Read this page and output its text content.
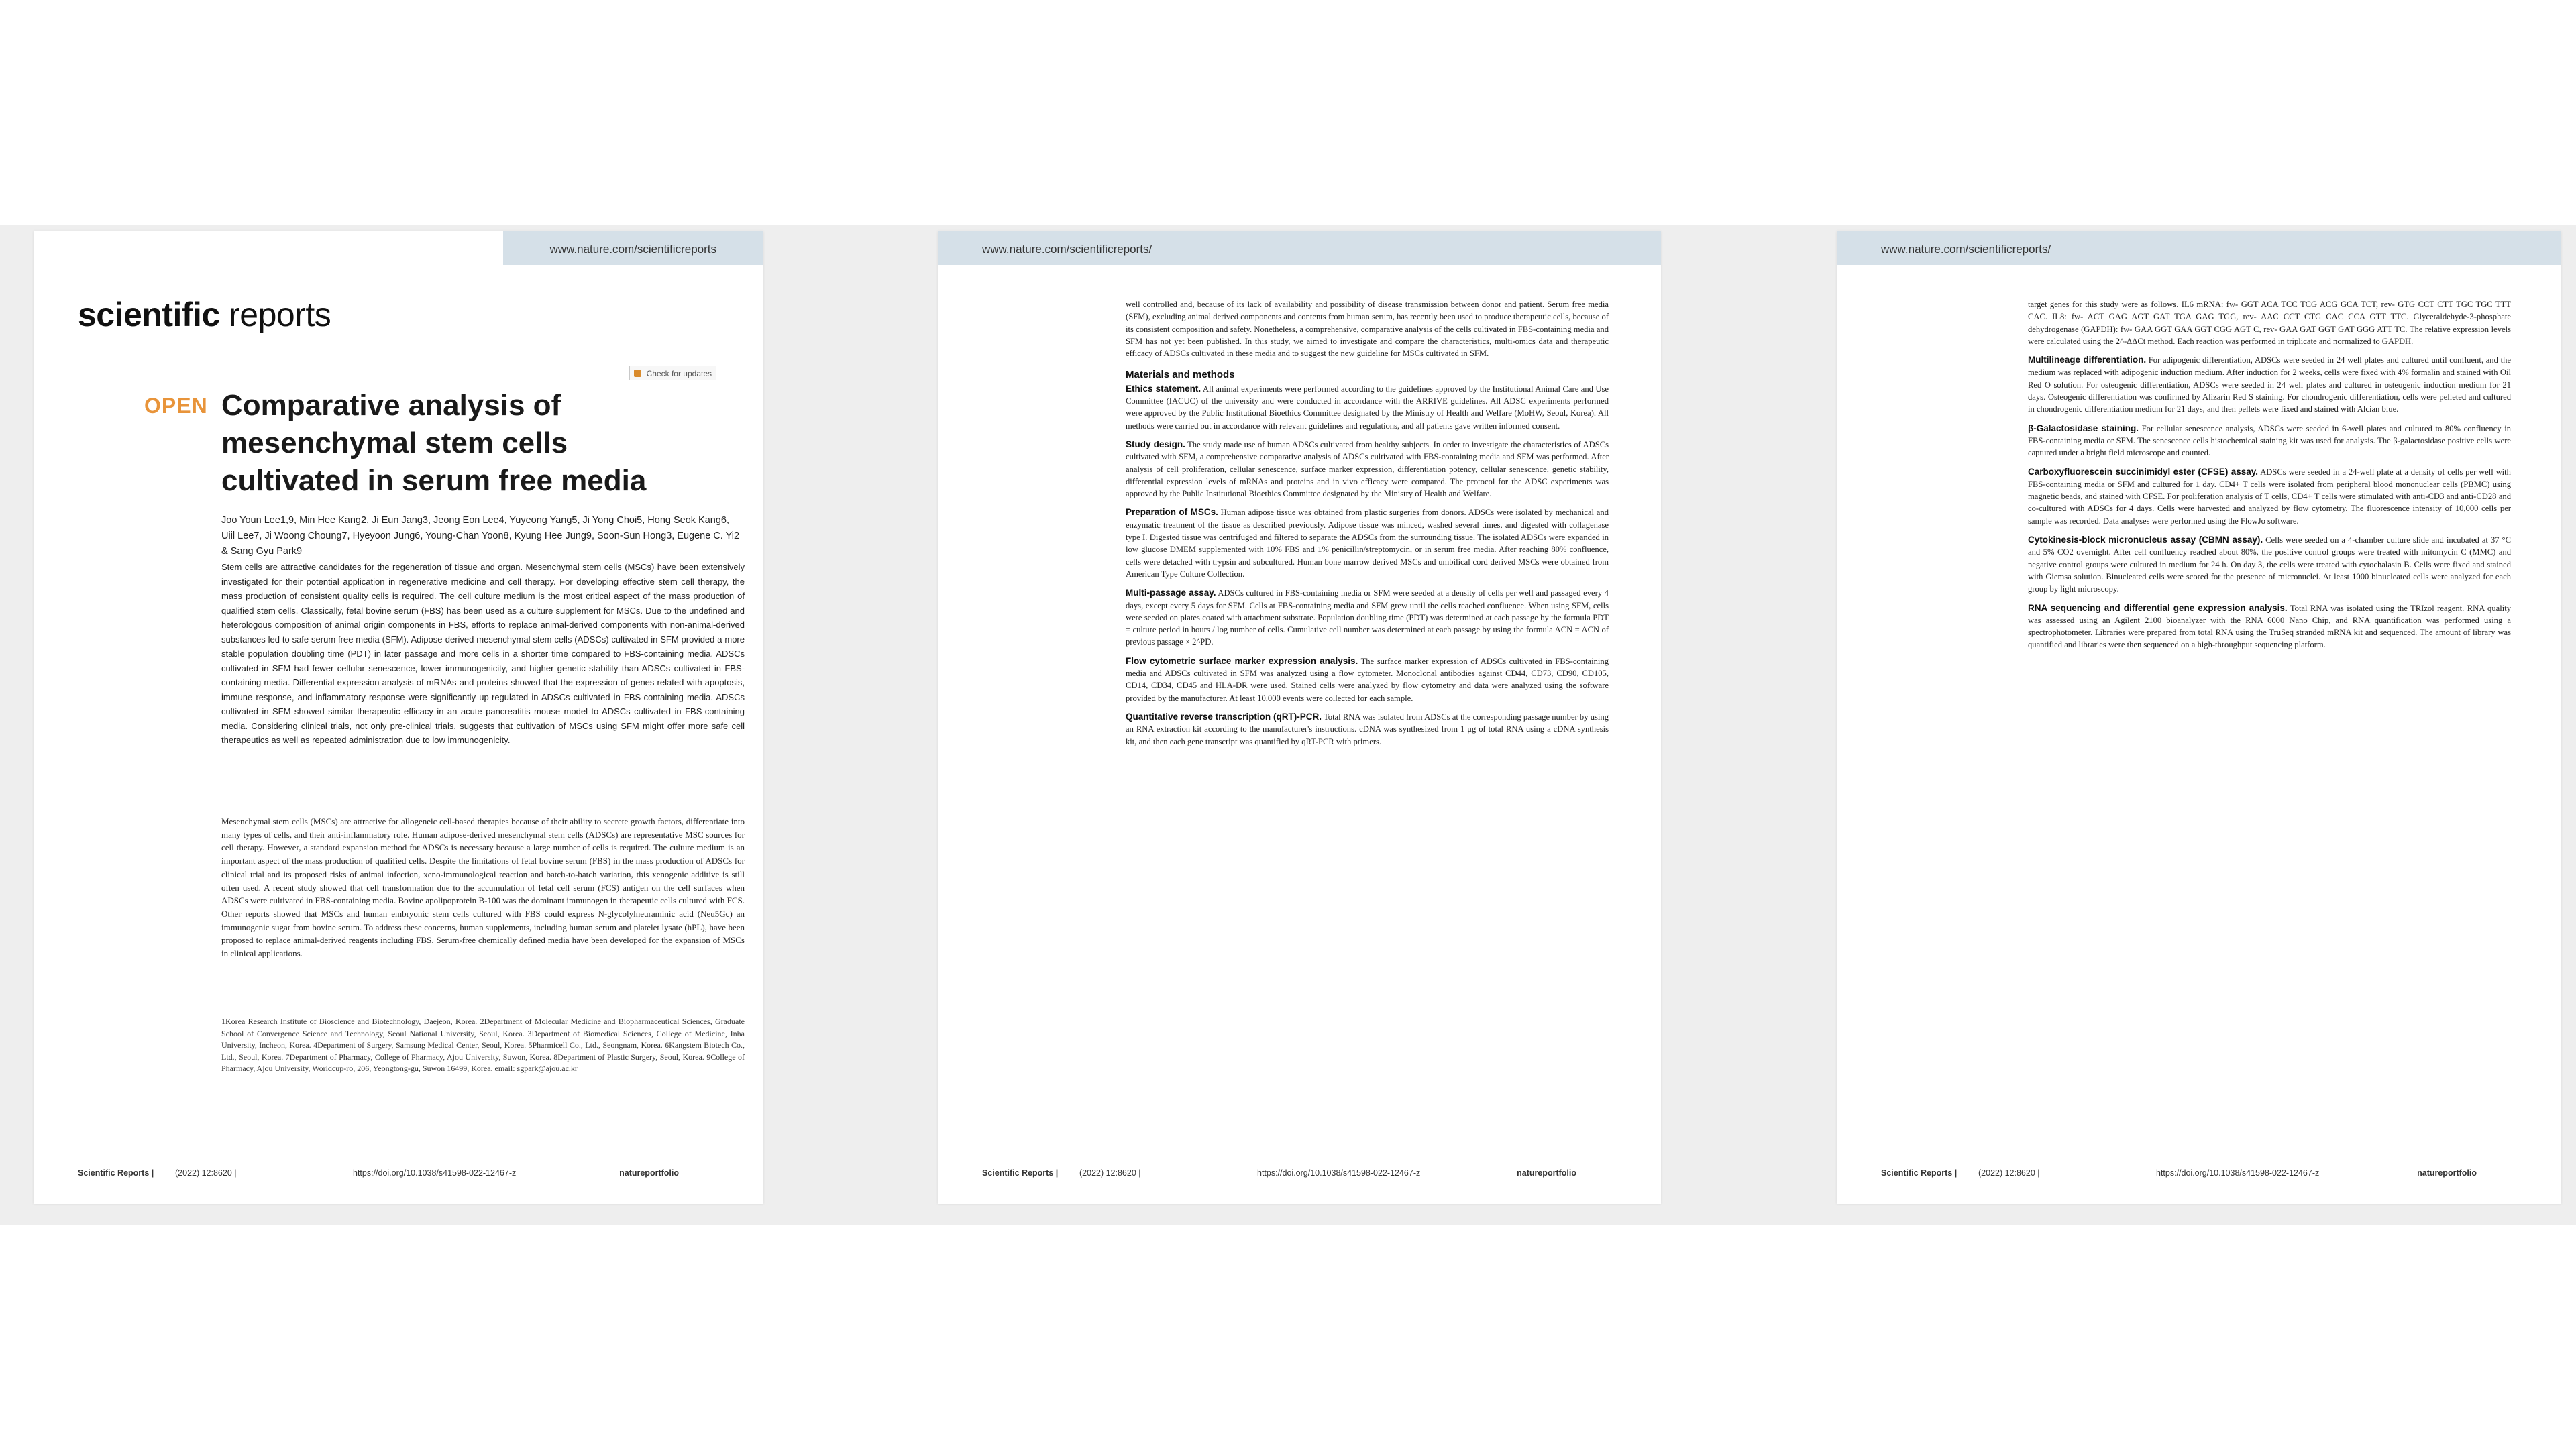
www.nature.com/scientificreports
scientific reports
Check for updates
OPEN Comparative analysis of mesenchymal stem cells cultivated in serum free media

Joo Youn Lee1,9, Min Hee Kang2, Ji Eun Jang3, Jeong Eon Lee4, Yuyeong Yang5, Ji Yong Choi5, Hong Seok Kang6, Uiil Lee7, Ji Woong Choung7, Hyeyoon Jung6, Young-Chan Yoon8, Kyung Hee Jung9, Soon-Sun Hong3, Eugene C. Yi2 & Sang Gyu Park9

Stem cells are attractive candidates for the regeneration of tissue and organ. Mesenchymal stem cells (MSCs) have been extensively investigated for their potential application in regenerative medicine and cell therapy. For developing effective stem cell therapy, the mass production of consistent quality cells is required. The cell culture medium is the most critical aspect of the mass production of qualified stem cells. Classically, fetal bovine serum (FBS) has been used as a culture supplement for MSCs. Due to the undefined and heterologous composition of animal origin components in FBS, efforts to replace animal-derived components with non-animal-derived substances led to safe serum free media (SFM). Adipose-derived mesenchymal stem cells (ADSCs) cultivated in SFM provided a more stable population doubling time (PDT) in later passage and more cells in a shorter time compared to FBS-containing media. ADSCs cultivated in SFM had fewer cellular senescence, lower immunogenicity, and higher genetic stability than ADSCs cultivated in FBS-containing media. Differential expression analysis of mRNAs and proteins showed that the expression of genes related with apoptosis, immune response, and inflammatory response were significantly up-regulated in ADSCs cultivated in FBS-containing media. ADSCs cultivated in SFM showed similar therapeutic efficacy in an acute pancreatitis mouse model to ADSCs cultivated in FBS-containing media. Considering clinical trials, not only pre-clinical trials, suggests that cultivation of MSCs using SFM might offer more safe cell therapeutics as well as repeated administration due to low immunogenicity.

Mesenchymal stem cells (MSCs) are attractive for allogeneic cell-based therapies because of their ability to secrete growth factors, differentiate into many types of cells, and their anti-inflammatory role. Human adipose-derived mesenchymal stem cells (ADSCs) are representative MSC sources for cell therapy. However, a standard expansion method for ADSCs is necessary because a large number of cells is required. The culture medium is an important aspect of the mass production of qualified cells. Despite the limitations of fetal bovine serum (FBS) in the mass production of ADSCs for clinical trial and its proposed risks of animal infection, xeno-immunological reaction and batch-to-batch variation, this xenogenic additive is still often used. A recent study showed that cell transformation due to the accumulation of fetal cell serum (FCS) antigen on the cell surfaces when ADSCs were cultivated in FBS-containing media. Bovine apolipoprotein B-100 was the dominant immunogen in therapeutic cells cultured with FCS. Other reports showed that MSCs and human embryonic stem cells cultured with FBS could express N-glycolylneuraminic acid (Neu5Gc) an immunogenic sugar from bovine serum. To address these concerns, human supplements, including human serum and platelet lysate (hPL), have been proposed to replace animal-derived reagents including FBS. Serum-free chemically defined media have been developed for the expansion of MSCs in clinical applications.

1Korea Research Institute of Bioscience and Biotechnology, Daejeon, Korea. 2Department of Molecular Medicine and Biopharmaceutical Sciences, Graduate School of Convergence Science and Technology, Seoul National University, Seoul, Korea. 3Department of Biomedical Sciences, College of Medicine, Inha University, Incheon, Korea. 4Department of Surgery, Samsung Medical Center, Seoul, Korea. 5Pharmicell Co., Ltd., Seongnam, Korea. 6Kangstem Biotech Co., Ltd., Seoul, Korea. 7Department of Pharmacy, College of Pharmacy, Ajou University, Suwon, Korea. 8Department of Plastic Surgery, Seoul, Korea. 9College of Pharmacy, Ajou University, Worldcup-ro, 206, Yeongtong-gu, Suwon 16499, Korea. email: sgpark@ajou.ac.kr

Scientific Reports |	(2022) 12:8620 |	https://doi.org/10.1038/s41598-022-12467-z	natureportfolio
www.nature.com/scientificreports/

well controlled and, because of its lack of availability and possibility of disease transmission between donor and patient. Serum free media (SFM), excluding animal derived components and contents from human serum, has recently been used to produce therapeutic cells, because of its consistent composition and safety. Nonetheless, a comprehensive, comparative analysis of the cells cultivated in FBS-containing media and SFM has not yet been published. In this study, we aimed to investigate and compare the characteristics, multi-omics data and therapeutic efficacy of ADSCs cultivated in these media and to suggest the new guideline for MSCs cultivated in SFM.

Materials and methods

Ethics statement. All animal experiments were performed according to the guidelines approved by the Institutional Animal Care and Use Committee (IACUC) of the university and were conducted in accordance with the ARRIVE guidelines. All ADSC experiments performed were approved by the Public Institutional Bioethics Committee designated by the Ministry of Health and Welfare (MoHW, Seoul, Korea). All methods were carried out in accordance with relevant guidelines and regulations, and all patients gave written informed consent.

Study design. The study made use of human ADSCs cultivated from healthy subjects. In order to investigate the characteristics of ADSCs cultivated with SFM, a comprehensive comparative analysis of ADSCs cultivated with FBS-containing media and SFM was performed. After analysis of cell proliferation, cellular senescence, surface marker expression, differentiation potency, cellular senescence, genetic stability, differential expression levels of mRNAs and proteins and in vivo efficacy were compared. The protocol for the ADSC experiments was approved by the Public Institutional Bioethics Committee designated by the Ministry of Health and Welfare.

Preparation of MSCs. Human adipose tissue was obtained from plastic surgeries from donors. ADSCs were isolated by mechanical and enzymatic treatment of the tissue as described previously. Adipose tissue was minced, washed several times, and digested with collagenase type I. Digested tissue was centrifuged and filtered to separate the ADSCs from the surrounding tissue. The isolated ADSCs were expanded in low glucose DMEM supplemented with 10% FBS and 1% penicillin/streptomycin, or in serum free media. After reaching 80% confluence, cells were detached with trypsin and subcultured. Human bone marrow derived MSCs and umbilical cord derived MSCs were obtained from American Type Culture Collection.

Multi-passage assay. ADSCs cultured in FBS-containing media or SFM were seeded at a density of cells per well and passaged every 4 days, except every 5 days for SFM. Cells at FBS-containing media and SFM grew until the cells reached confluence. When using SFM, cells were seeded on plates coated with attachment substrate. Population doubling time (PDT) was determined at each passage by the formula PDT = culture period in hours / log number of cells. Cumulative cell number was determined at each passage by using the formula ACN = ACN of previous passage × 2^PD.

Flow cytometric surface marker expression analysis. The surface marker expression of ADSCs cultivated in FBS-containing media and ADSCs cultivated in SFM was analyzed using a flow cytometer. Monoclonal antibodies against CD44, CD73, CD90, CD105, CD14, CD34, CD45 and HLA-DR were used. Stained cells were analyzed by flow cytometry and data were analyzed using the software provided by the manufacturer. At least 10,000 events were collected for each sample.

Quantitative reverse transcription (qRT)-PCR. Total RNA was isolated from ADSCs at the corresponding passage number by using an RNA extraction kit according to the manufacturer's instructions. cDNA was synthesized from 1 μg of total RNA using a cDNA synthesis kit, and then each gene transcript was quantified by qRT-PCR with primers.

Scientific Reports |	(2022) 12:8620 |	https://doi.org/10.1038/s41598-022-12467-z	natureportfolio
www.nature.com/scientificreports/

target genes for this study were as follows. IL6 mRNA: fw- GGT ACA TCC TCG ACG GCA TCT, rev- GTG CCT CTT TGC TGC TTT CAC. IL8: fw- ACT GAG AGT GAT TGA GAG TGG, rev- AAC CCT CTG CAC CCA GTT TTC. Glyceraldehyde-3-phosphate dehydrogenase (GAPDH): fw- GAA GGT GAA GGT CGG AGT C, rev- GAA GAT GGT GAT GGG ATT TC. The relative expression levels were calculated using the 2^-ΔΔCt method. Each reaction was performed in triplicate and normalized to GAPDH.

Multilineage differentiation. For adipogenic differentiation, ADSCs were seeded in 24 well plates and cultured until confluent, and the medium was replaced with adipogenic induction medium. After induction for 2 weeks, cells were fixed with 4% formalin and stained with Oil Red O solution. For osteogenic differentiation, ADSCs were seeded in 24 well plates and cultured in osteogenic induction medium for 21 days. Osteogenic differentiation was confirmed by Alizarin Red S staining. For chondrogenic differentiation, cells were pelleted and cultured in chondrogenic differentiation medium for 21 days, and then pellets were fixed and stained with Alcian blue.

β-Galactosidase staining. For cellular senescence analysis, ADSCs were seeded in 6-well plates and cultured to 80% confluency in FBS-containing media or SFM. The senescence cells histochemical staining kit was used for analysis. The β-galactosidase positive cells were captured under a bright field microscope and counted.

Carboxyfluorescein succinimidyl ester (CFSE) assay. ADSCs were seeded in a 24-well plate at a density of cells per well with FBS-containing media or SFM and cultured for 1 day. CD4+ T cells were isolated from peripheral blood mononuclear cells (PBMC) using magnetic beads, and stained with CFSE. For proliferation analysis of T cells, CD4+ T cells were stimulated with anti-CD3 and anti-CD28 and co-cultured with ADSCs for 4 days. Cells were harvested and analyzed by flow cytometry. The fluorescence intensity of 10,000 cells per sample was recorded. Data analyses were performed using the FlowJo software.

Cytokinesis-block micronucleus assay (CBMN assay). Cells were seeded on a 4-chamber culture slide and incubated at 37 °C and 5% CO2 overnight. After cell confluency reached about 80%, the positive control groups were treated with mitomycin C (MMC) and negative control groups were cultured in medium for 24 h. On day 3, the cells were treated with cytochalasin B. Cells were fixed and stained with Giemsa solution. Binucleated cells were scored for the presence of micronuclei. At least 1000 binucleated cells were analyzed for each group by light microscopy.

RNA sequencing and differential gene expression analysis. Total RNA was isolated using the TRIzol reagent. RNA quality was assessed using an Agilent 2100 bioanalyzer with the RNA 6000 Nano Chip, and RNA quantification was performed using a spectrophotometer. Libraries were prepared from total RNA using the TruSeq stranded mRNA kit and sequenced. The amount of library was quantified and libraries were then sequenced on a high-throughput sequencing platform.

Scientific Reports |	(2022) 12:8620 |	https://doi.org/10.1038/s41598-022-12467-z	natureportfolio
